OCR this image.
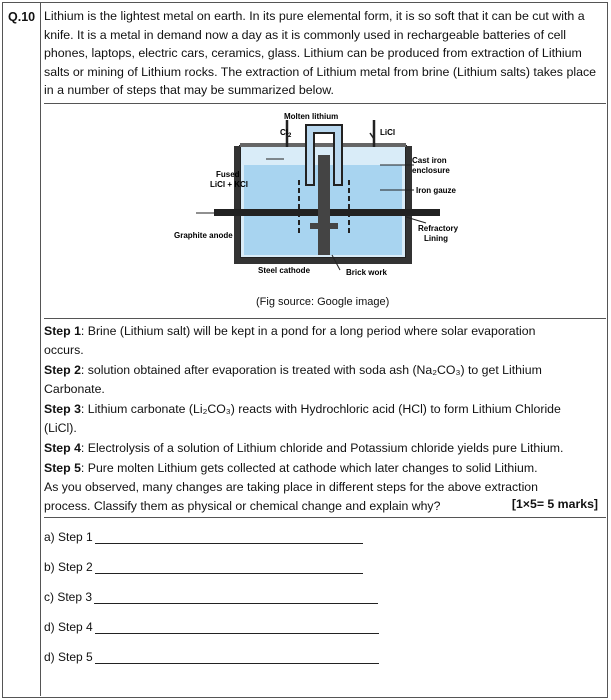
Q.10 Lithium is the lightest metal on earth. In its pure elemental form, it is so soft that it can be cut with a knife. It is a metal in demand now a day as it is commonly used in rechargeable batteries of cell phones, laptops, electric cars, ceramics, glass. Lithium can be produced from extraction of Lithium salts or mining of Lithium rocks. The extraction of Lithium metal from brine (Lithium salts) takes place in a number of steps that may be summarized below.
Molten lithium
$Cl_2$	LiCl
Fused
LiCl + KCl
Cast iron
enclosure
Iron gauze
Graphite anode
Refractory
Lining
Steel cathode	Brick work
(Fig source: Google image)
Step 1: Brine (Lithium salt) will be kept in a pond for a long period where solar evaporation
occurs.
Step 2: solution obtained after evaporation is treated with soda ash (Na₂CO₃) to get Lithium
Carbonate.
Step 3: Lithium carbonate (Li₂CO₃) reacts with Hydrochloric acid (HCl) to form Lithium Chloride
(LiCl).
Step 4: Electrolysis of a solution of Lithium chloride and Potassium chloride yields pure Lithium.
Step 5: Pure molten Lithium gets collected at cathode which later changes to solid Lithium.
As you observed, many changes are taking place in different steps for the above extraction
process. Classify them as physical or chemical change and explain why?	[1×5= 5 marks]
a) Step 1
b) Step 2
c) Step 3
d) Step 4
d) Step 5
